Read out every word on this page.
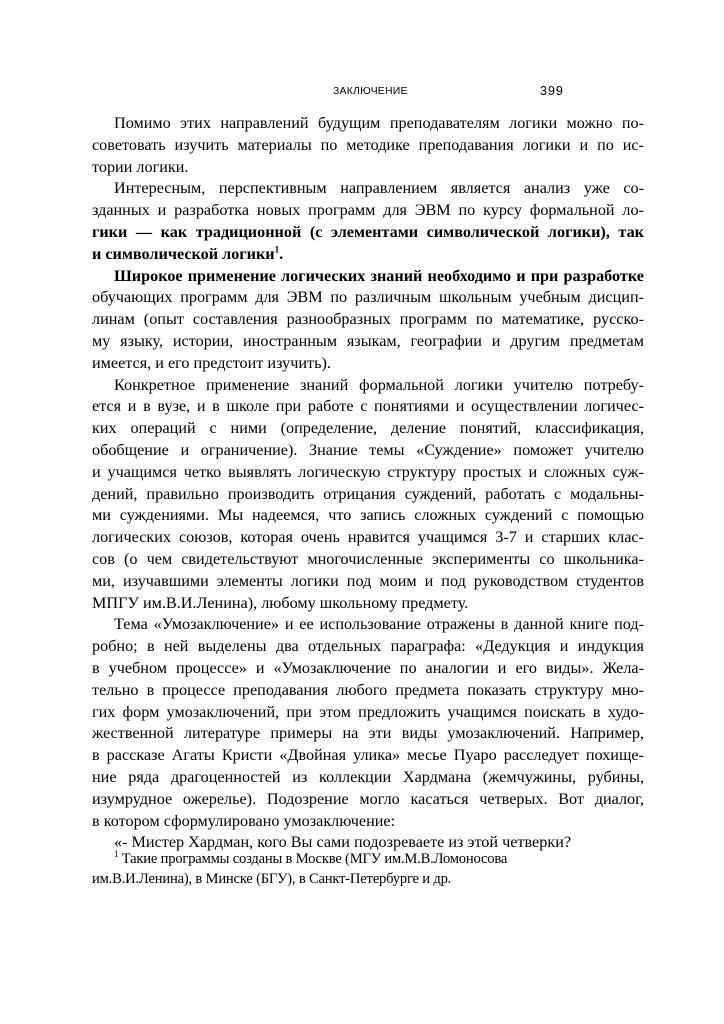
ЗАКЛЮЧЕНИЕ	399
Помимо этих направлений будущим преподавателям логики можно по-
советовать изучить материалы по методике преподавания логики и по ис-
тории логики.
Интересным, перспективным направлением является анализ уже со-
зданных и разработка новых программ для ЭВМ по курсу формальной ло-
гики — как традиционной (с элементами символической логики), так
и символической логики$^1$.
Широкое применение логических знаний необходимо и при разработке
обучающих программ для ЭВМ по различным школьным учебным дисцип-
линам (опыт составления разнообразных программ по математике, русско-
му языку, истории, иностранным языкам, географии и другим предметам
имеется, и его предстоит изучить).
Конкретное применение знаний формальной логики учителю потребу-
ется и в вузе, и в школе при работе с понятиями и осуществлении логичес-
ких операций с ними (определение, деление понятий, классификация,
обобщение и ограничение). Знание темы «Суждение» поможет учителю
и учащимся четко выявлять логическую структуру простых и сложных суж-
дений, правильно производить отрицания суждений, работать с модальны-
ми суждениями. Мы надеемся, что запись сложных суждений с помощью
логических союзов, которая очень нравится учащимся 3-7 и старших клас-
сов (о чем свидетельствуют многочисленные эксперименты со школьника-
ми, изучавшими элементы логики под моим и под руководством студентов
МПГУ им.В.И.Ленина), любому школьному предмету.
Тема «Умозаключение» и ее использование отражены в данной книге под-
робно; в ней выделены два отдельных параграфа: «Дедукция и индукция
в учебном процессе» и «Умозаключение по аналогии и его виды». Жела-
тельно в процессе преподавания любого предмета показать структуру мно-
гих форм умозаключений, при этом предложить учащимся поискать в худо-
жественной литературе примеры на эти виды умозаключений. Например,
в рассказе Агаты Кристи «Двойная улика» месье Пуаро расследует похище-
ние ряда драгоценностей из коллекции Хардмана (жемчужины, рубины,
изумрудное ожерелье). Подозрение могло касаться четверых. Вот диалог,
в котором сформулировано умозаключение:
«- Мистер Хардман, кого Вы сами подозреваете из этой четверки?
$^1$ Такие программы созданы в Москве (МГУ им.М.В.Ломоносова
им.В.И.Ленина), в Минске (БГУ), в Санкт-Петербурге и др.
